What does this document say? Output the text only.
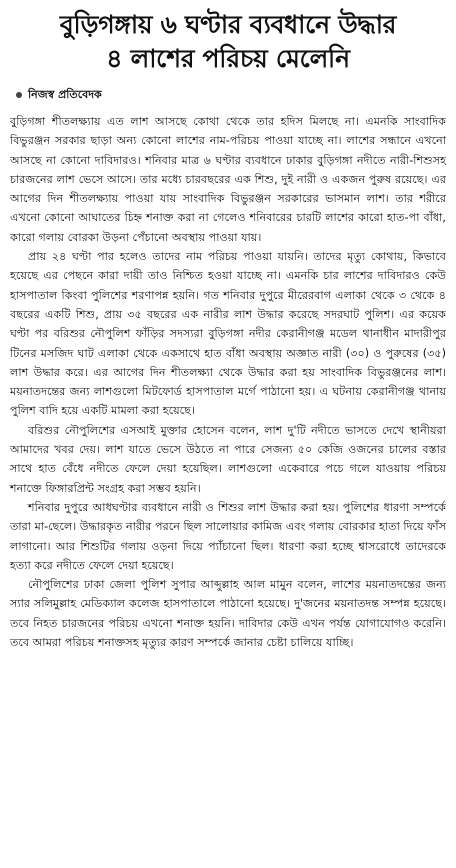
বুড়িগঙ্গায় ৬ ঘণ্টার ব্যবধানে উদ্ধার
৪ লাশের পরিচয় মেলেনি
নিজস্ব প্রতিবেদক

বুড়িগঙ্গা শীতলক্ষ্যায় এত লাশ আসছে কোথা থেকে তার হদিস মিলছে না। এমনকি সাংবাদিক বিভুরঞ্জন সরকার ছাড়া অন্য কোনো লাশের নাম-পরিচয় পাওয়া যাচ্ছে না। লাশের সন্ধানে এখনো আসছে না কোনো দাবিদারও। শনিবার মাত্র ৬ ঘণ্টার ব্যবধানে ঢাকার বুড়িগঙ্গা নদীতে নারী-শিশুসহ চারজনের লাশ ভেসে আসে। তার মধ্যে চারবছরের এক শিশু, দুই নারী ও একজন পুরুষ রয়েছে। এর আগের দিন শীতলক্ষ্যায় পাওয়া যায় সাংবাদিক বিভুরঞ্জন সরকারের ভাসমান লাশ। তার শরীরে এখনো কোনো আঘাতের চিহ্ন শনাক্ত করা না গেলেও শনিবারের চারটি লাশের কারো হাত-পা বাঁধা, কারো গলায় বোরকা উড়না পেঁচানো অবস্থায় পাওয়া যায়।

প্রায় ২৪ ঘণ্টা পার হলেও তাদের নাম পরিচয় পাওয়া যায়নি। তাদের মৃত্যু কোথায়, কিভাবে হয়েছে এর পেছনে কারা দায়ী তাও নিশ্চিত হওয়া যাচ্ছে না। এমনকি চার লাশের দাবিদারও কেউ হাসপাতাল কিংবা পুলিশের শরণাপন্ন হয়নি। গত শনিবার দুপুরে মীরেরবাগ এলাকা থেকে ৩ থেকে ৪ বছরের একটি শিশু, প্রায় ৩৫ বছরের এক নারীর লাশ উদ্ধার করেছে সদরঘাট পুলিশ। এর কয়েক ঘণ্টা পর বরিশুর নৌপুলিশ ফাঁড়ির সদস্যরা বুড়িগঙ্গা নদীর কেরানীগঞ্জ মডেল থানাধীন মাদারীপুর টিনের মসজিদ ঘাট এলাকা থেকে একসাথে হাত বাঁধা অবস্থায় অজ্ঞাত নারী (৩০) ও পুরুষের (৩৫) লাশ উদ্ধার করে। এর আগের দিন শীতলক্ষ্যা থেকে উদ্ধার করা হয় সাংবাদিক বিভুরঞ্জনের লাশ। ময়নাতদন্তের জন্য লাশগুলো মিটফোর্ড হাসপাতাল মর্গে পাঠানো হয়। এ ঘটনায় কেরানীগঞ্জ থানায় পুলিশ বাদি হয়ে একটি মামলা করা হয়েছে।

বরিশুর নৌপুলিশের এসআই মুক্তার হোসেন বলেন, লাশ দু'টি নদীতে ভাসতে দেখে স্থানীয়রা আমাদের খবর দেয়। লাশ যাতে ভেসে উঠতে না পারে সেজন্য ৫০ কেজি ওজনের চালের বস্তার সাথে হাত বেঁধে নদীতে ফেলে দেয়া হয়েছিল। লাশগুলো একেবারে পচে গলে যাওয়ায় পরিচয় শনাক্তে ফিঙ্গারপ্রিন্ট সংগ্রহ করা সম্ভব হয়নি।

শনিবার দুপুরে আধঘণ্টার ব্যবধানে নারী ও শিশুর লাশ উদ্ধার করা হয়। পুলিশের ধারণা সম্পর্কে তারা মা-ছেলে। উদ্ধারকৃত নারীর পরনে ছিল সালোয়ার কামিজ এবং গলায় বোরকার হাতা দিয়ে ফাঁস লাগানো। আর শিশুটির গলায় ওড়না দিয়ে প্যাঁচানো ছিল। ধারণা করা হচ্ছে শ্বাসরোধে তাদেরকে হত্যা করে নদীতে ফেলে দেয়া হয়েছে।

নৌপুলিশের ঢাকা জেলা পুলিশ সুপার আব্দুল্লাহ আল মামুন বলেন, লাশের ময়নাতদন্তের জন্য স্যার সলিমুল্লাহ মেডিক্যাল কলেজ হাসপাতালে পাঠানো হয়েছে। দু'জনের ময়নাতদন্ত সম্পন্ন হয়েছে। তবে নিহত চারজনের পরিচয় এখনো শনাক্ত হয়নি। দাবিদার কেউ এখন পর্যন্ত যোগাযোগও করেনি। তবে আমরা পরিচয় শনাক্তসহ মৃত্যুর কারণ সম্পর্কে জানার চেষ্টা চালিয়ে যাচ্ছি।
